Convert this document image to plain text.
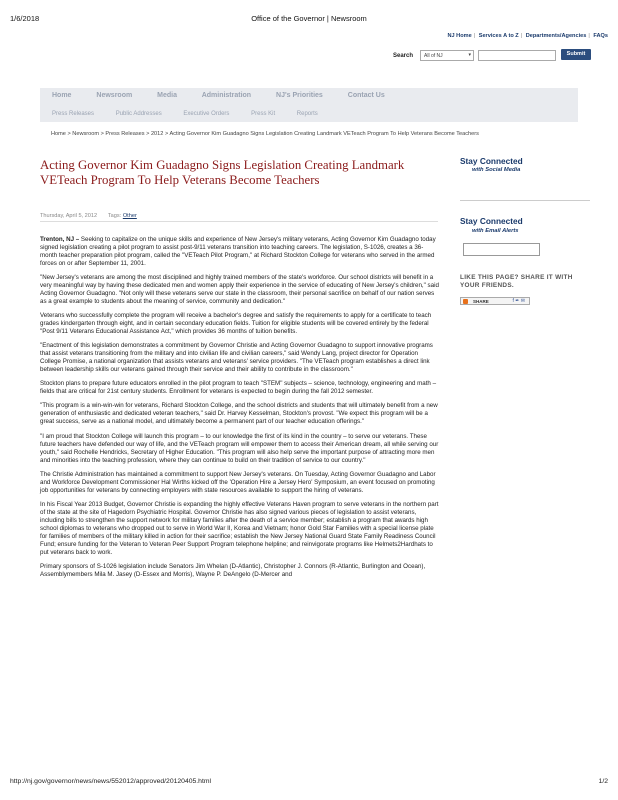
1/6/2018	Office of the Governor | Newsroom
NJ Home | Services A to Z | Departments/Agencies | FAQs
Search	All of NJ	▾	Submit
Home	Newsroom	Media	Administration	NJ's Priorities	Contact Us
Press Releases	Public Addresses	Executive Orders	Press Kit	Reports
Home > Newsroom > Press Releases > 2012 > Acting Governor Kim Guadagno Signs Legislation Creating Landmark VETeach Program To Help Veterans Become Teachers
Acting Governor Kim Guadagno Signs Legislation Creating Landmark VETeach Program To Help Veterans Become Teachers
Thursday, April 5, 2012 Tags: Other

Trenton, NJ – Seeking to capitalize on the unique skills and experience of New Jersey's military veterans, Acting Governor Kim Guadagno today signed legislation creating a pilot program to assist post-9/11 veterans transition into teaching careers. The legislation, S-1026, creates a 36-month teacher preparation pilot program, called the "VETeach Pilot Program," at Richard Stockton College for veterans who served in the armed forces on or after September 11, 2001.

"New Jersey's veterans are among the most disciplined and highly trained members of the state's workforce. Our school districts will benefit in a very meaningful way by having these dedicated men and women apply their experience in the service of educating of New Jersey's children," said Acting Governor Guadagno. "Not only will these veterans serve our state in the classroom, their personal sacrifice on behalf of our nation serves as a great example to students about the meaning of service, community and dedication."

Veterans who successfully complete the program will receive a bachelor's degree and satisfy the requirements to apply for a certificate to teach grades kindergarten through eight, and in certain secondary education fields. Tuition for eligible students will be covered entirely by the federal "Post 9/11 Veterans Educational Assistance Act," which provides 36 months of tuition benefits.

"Enactment of this legislation demonstrates a commitment by Governor Christie and Acting Governor Guadagno to support innovative programs that assist veterans transitioning from the military and into civilian life and civilian careers," said Wendy Lang, project director for Operation College Promise, a national organization that assists veterans and veterans' service providers. "The VETeach program establishes a direct link between leadership skills our veterans gained through their service and their ability to contribute in the classroom."

Stockton plans to prepare future educators enrolled in the pilot program to teach "STEM" subjects – science, technology, engineering and math – fields that are critical for 21st century students. Enrollment for veterans is expected to begin during the fall 2012 semester.

"This program is a win-win-win for veterans, Richard Stockton College, and the school districts and students that will ultimately benefit from a new generation of enthusiastic and dedicated veteran teachers," said Dr. Harvey Kesselman, Stockton's provost. "We expect this program will be a great success, serve as a national model, and ultimately become a permanent part of our teacher education offerings."

"I am proud that Stockton College will launch this program – to our knowledge the first of its kind in the country – to serve our veterans. These future teachers have defended our way of life, and the VETeach program will empower them to access their American dream, all while serving our youth," said Rochelle Hendricks, Secretary of Higher Education. "This program will also help serve the important purpose of attracting more men and minorities into the teaching profession, where they can continue to build on their tradition of service to our country."

The Christie Administration has maintained a commitment to support New Jersey's veterans. On Tuesday, Acting Governor Guadagno and Labor and Workforce Development Commissioner Hal Wirths kicked off the 'Operation Hire a Jersey Hero' Symposium, an event focused on promoting job opportunities for veterans by connecting employers with state resources available to support the hiring of veterans.

In his Fiscal Year 2013 Budget, Governor Christie is expanding the highly effective Veterans Haven program to serve veterans in the northern part of the state at the site of Hagedorn Psychiatric Hospital. Governor Christie has also signed various pieces of legislation to assist veterans, including bills to strengthen the support network for military families after the death of a service member; establish a program that awards high school diplomas to veterans who dropped out to serve in World War II, Korea and Vietnam; honor Gold Star Families with a special license plate for families of members of the military killed in action for their sacrifice; establish the New Jersey National Guard State Family Readiness Council Fund; ensure funding for the Veteran to Veteran Peer Support Program telephone helpline; and reinvigorate programs like Helmets2Hardhats to put veterans back to work.

Primary sponsors of S-1026 legislation include Senators Jim Whelan (D-Atlantic), Christopher J. Connors (R-Atlantic, Burlington and Ocean), Assemblymembers Mila M. Jasey (D-Essex and Morris), Wayne P. DeAngelo (D-Mercer and

Stay Connected
with Social Media
Stay Connected
with Email Alerts
LIKE THIS PAGE? SHARE IT WITH YOUR FRIENDS.
SHARE	f ✒ ✉
http://nj.gov/governor/news/news/552012/approved/20120405.html	1/2
